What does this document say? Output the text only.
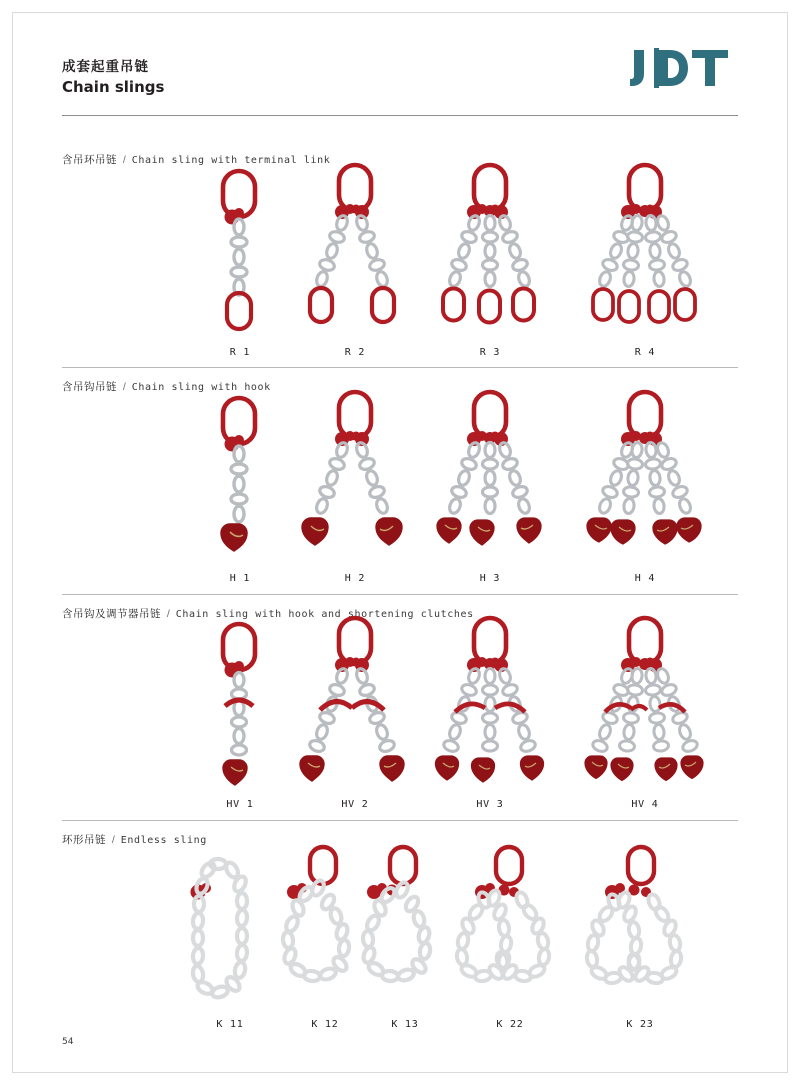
成套起重吊链
Chain slings
含吊环吊链 / Chain sling with terminal link
R 1	R 2	R 3	R 4
含吊钩吊链 / Chain sling with hook
H 1	H 2	H 3	H 4
含吊钩及调节器吊链 / Chain sling with hook and shortening clutches
HV 1	HV 2	HV 3	HV 4
环形吊链 / Endless sling
K 11	K 12	K 13	K 22	K 23
54
